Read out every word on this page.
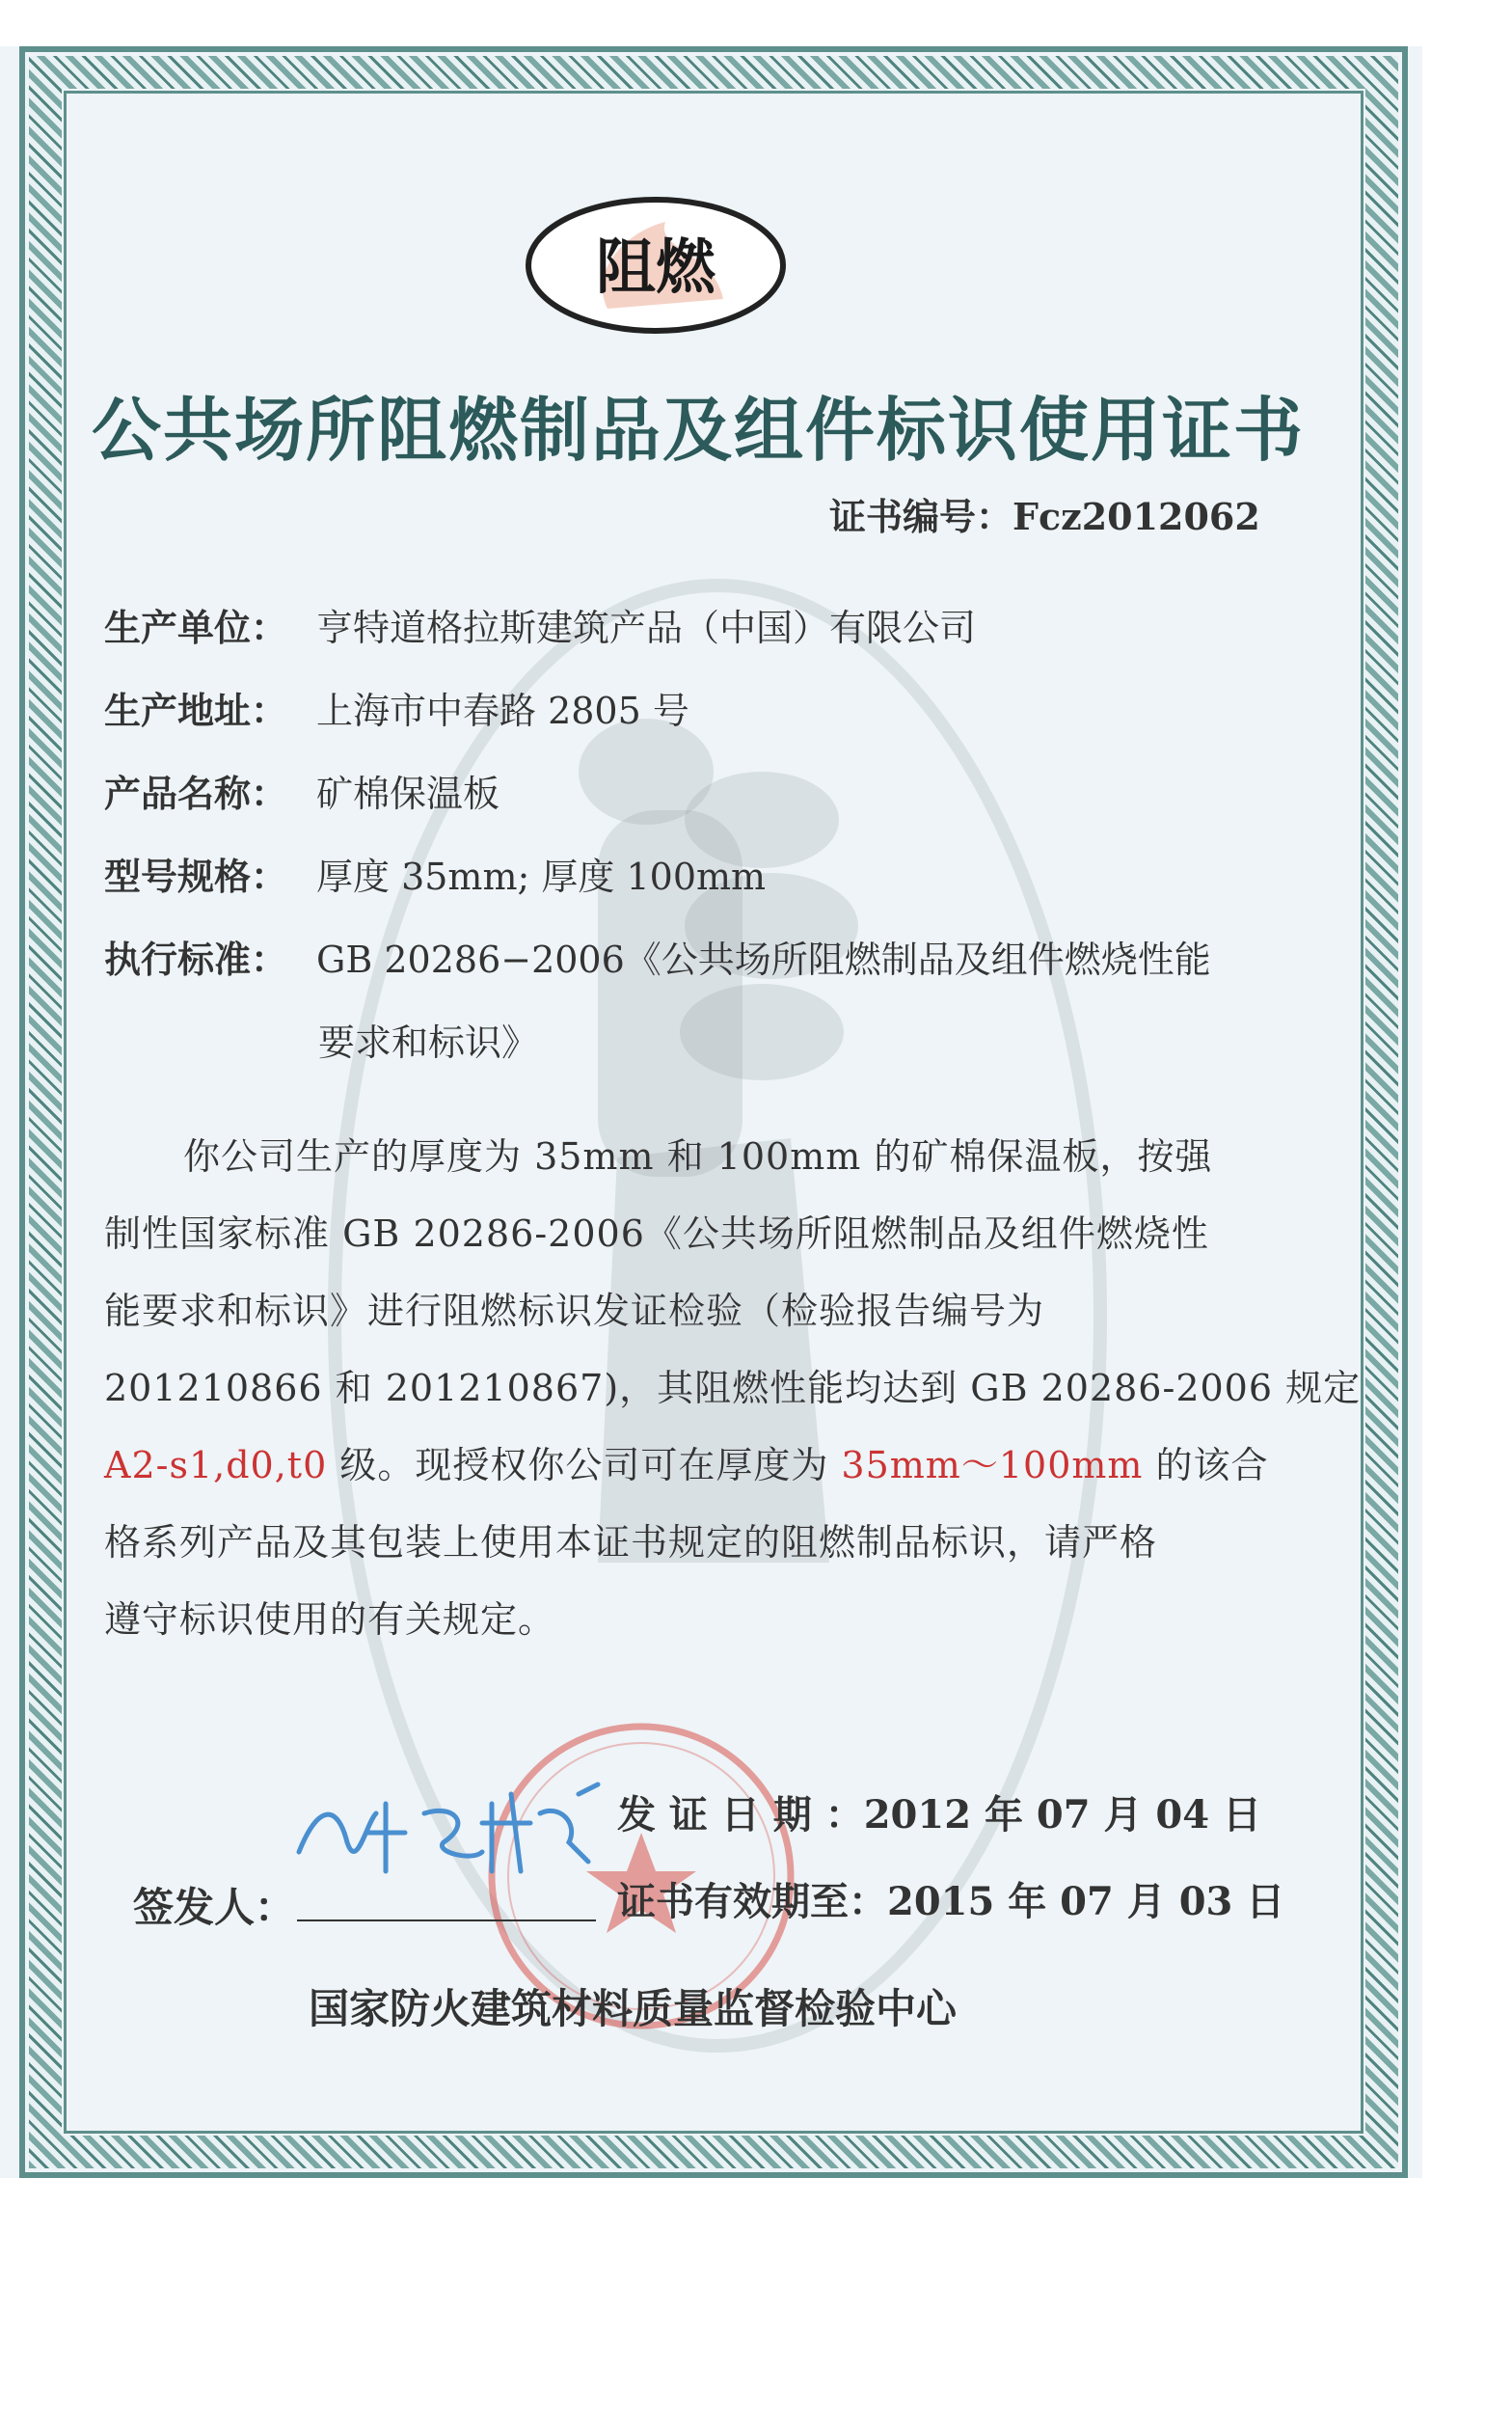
阻燃
公共场所阻燃制品及组件标识使用证书
证书编号：Fcz2012062
生产单位： 亨特道格拉斯建筑产品（中国）有限公司
生产地址： 上海市中春路 2805 号
产品名称： 矿棉保温板
型号规格： 厚度 35mm; 厚度 100mm
执行标准： GB 20286−2006《公共场所阻燃制品及组件燃烧性能
要求和标识》
你公司生产的厚度为 35mm 和 100mm 的矿棉保温板，按强
制性国家标准 GB 20286-2006《公共场所阻燃制品及组件燃烧性
能要求和标识》进行阻燃标识发证检验（检验报告编号为
201210866 和 201210867)，其阻燃性能均达到 GB 20286-2006 规定
A2-s1,d0,t0 级。现授权你公司可在厚度为 35mm～100mm 的该合
格系列产品及其包装上使用本证书规定的阻燃制品标识，请严格
遵守标识使用的有关规定。
发 证 日 期 ：2012 年 07 月 04 日
证书有效期至：2015 年 07 月 03 日
签发人：
国家防火建筑材料质量监督检验中心
